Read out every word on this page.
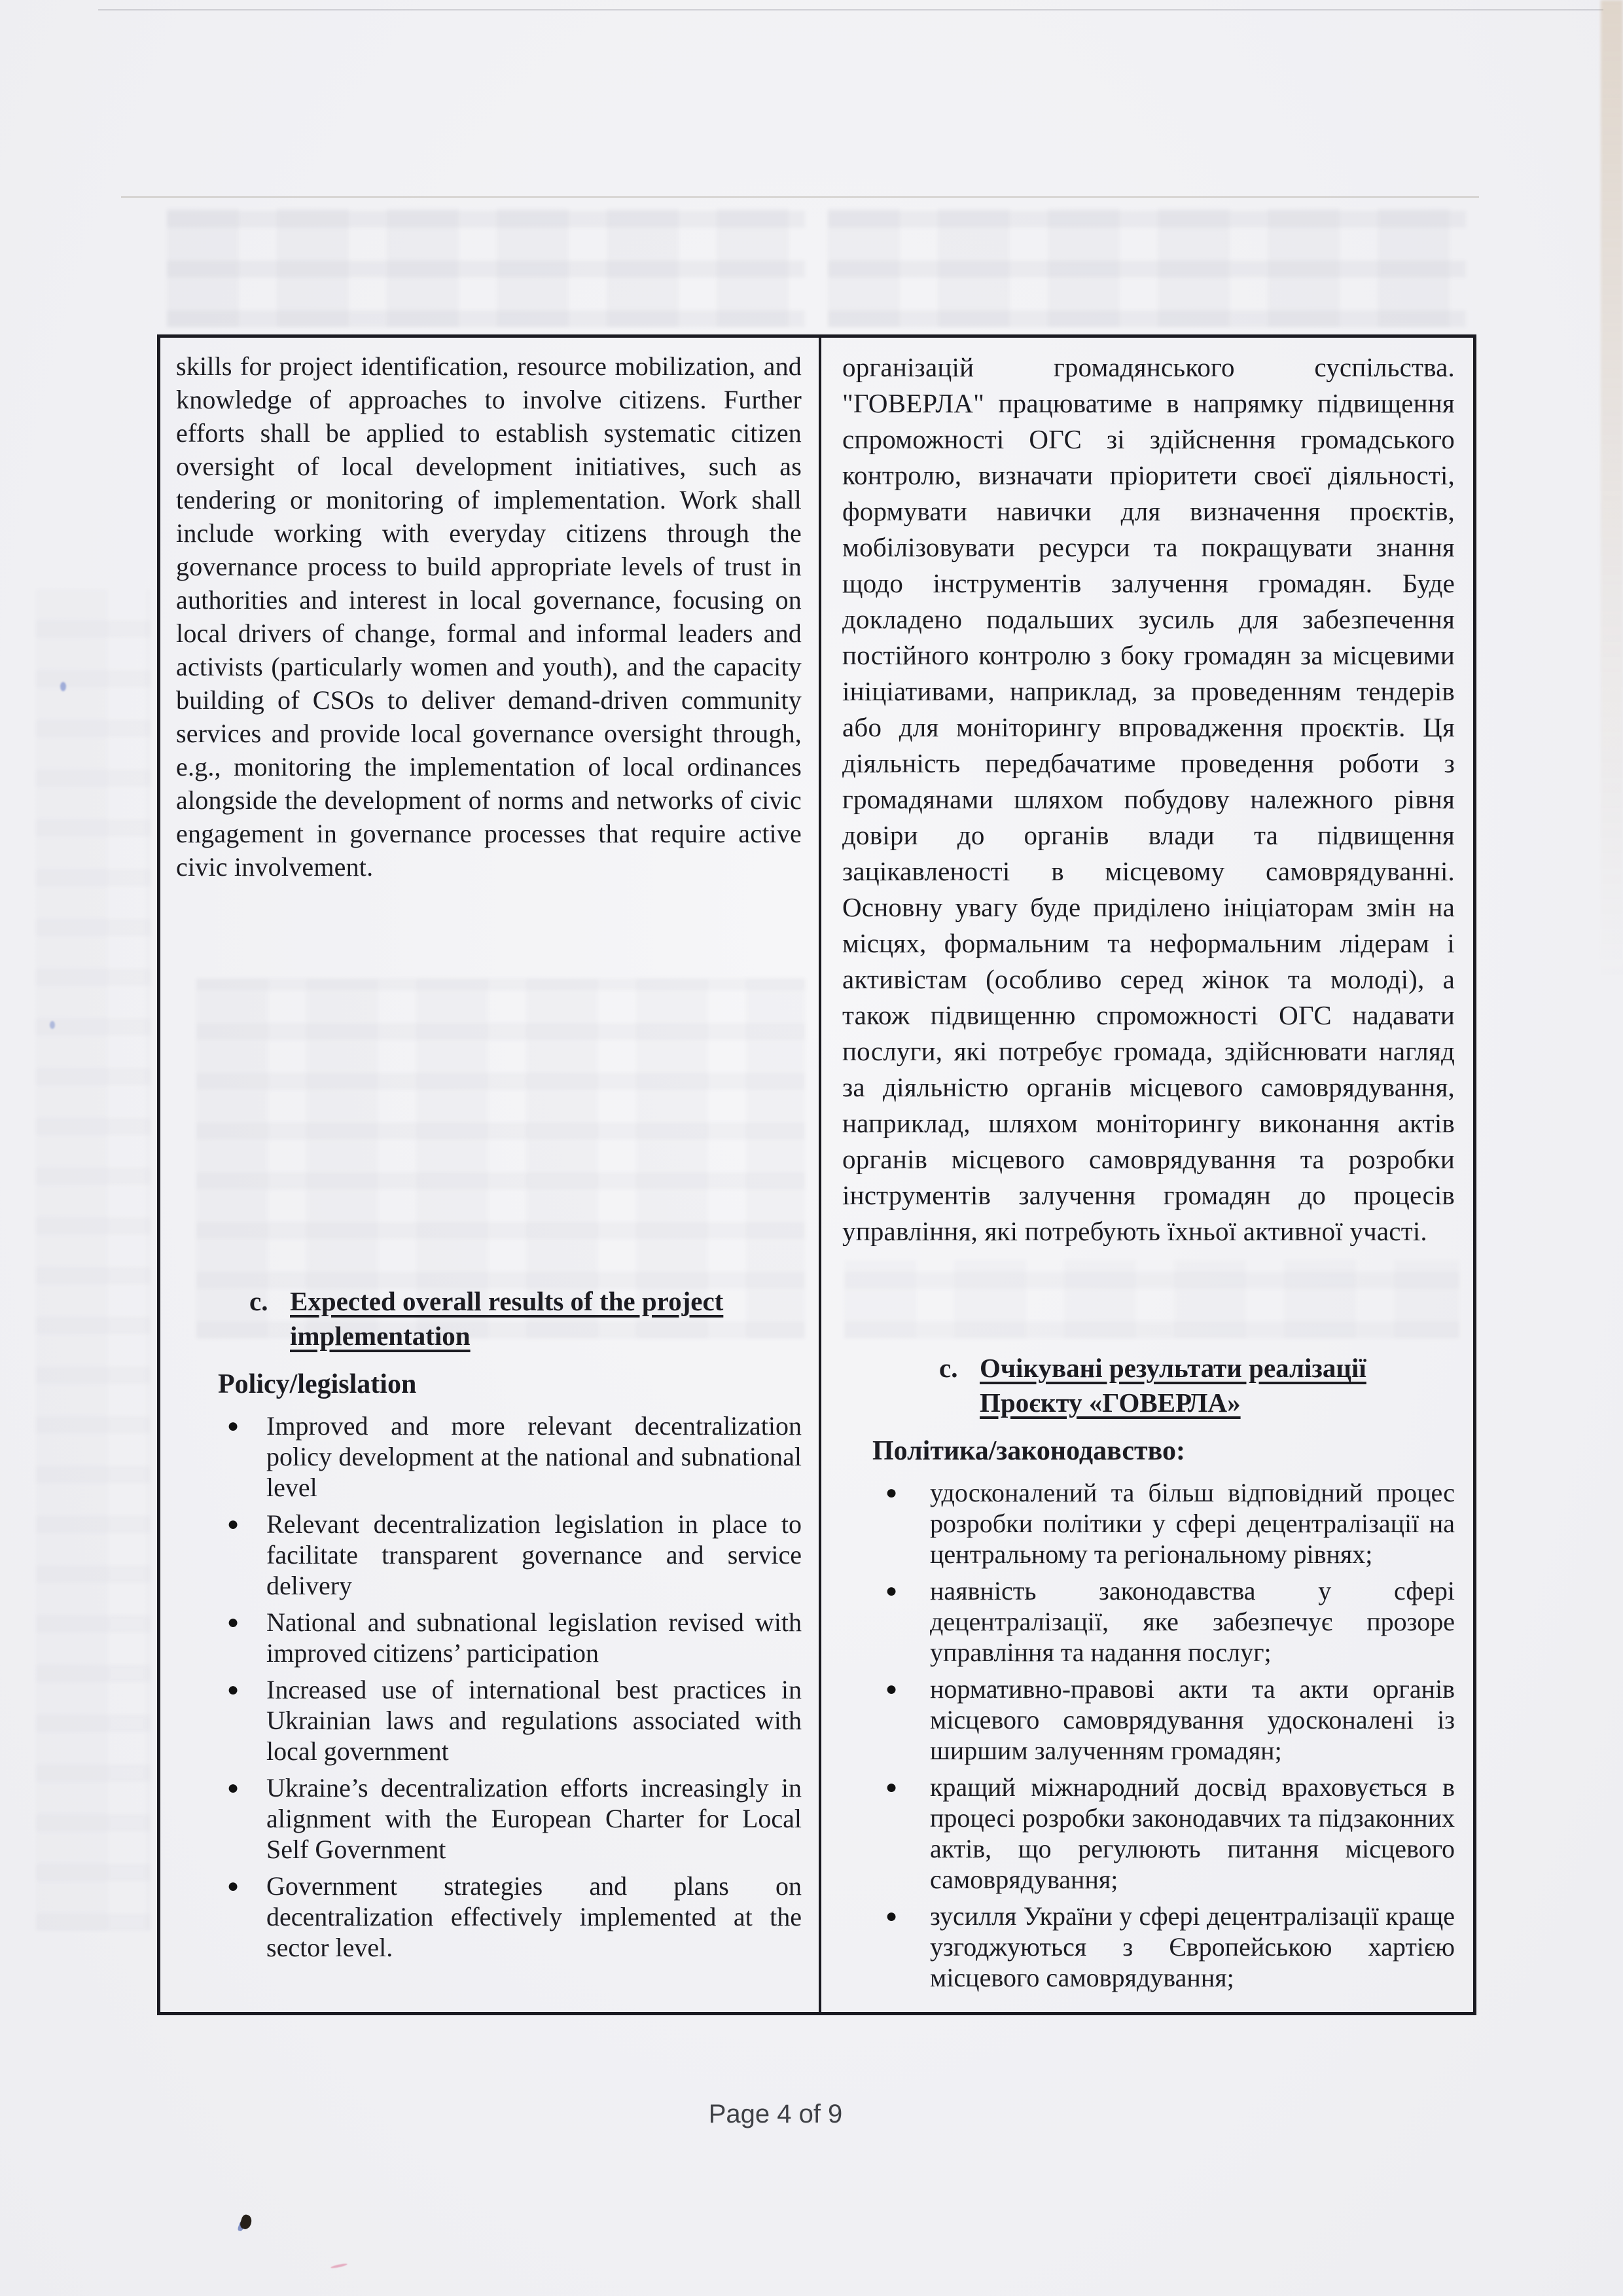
skills for project identification, resource mobilization, and knowledge of approaches to involve citizens. Further efforts shall be applied to establish systematic citizen oversight of local development initiatives, such as tendering or monitoring of implementation. Work shall include working with everyday citizens through the governance process to build appropriate levels of trust in authorities and interest in local governance, focusing on local drivers of change, formal and informal leaders and activists (particularly women and youth), and the capacity building of CSOs to deliver demand-driven community services and provide local governance oversight through, e.g., monitoring the implementation of local ordinances alongside the development of norms and networks of civic engagement in governance processes that require active civic involvement.
c. Expected overall results of the project implementation
Policy/legislation
● Improved and more relevant decentralization policy development at the national and subnational level
● Relevant decentralization legislation in place to facilitate transparent governance and service delivery
● National and subnational legislation revised with improved citizens’ participation
● Increased use of international best practices in Ukrainian laws and regulations associated with local government
● Ukraine’s decentralization efforts increasingly in alignment with the European Charter for Local Self Government
● Government strategies and plans on decentralization effectively implemented at the sector level.
організацій громадянського суспільства. "ГОВЕРЛА" працюватиме в напрямку підвищення спроможності ОГС зі здійснення громадського контролю, визначати пріоритети своєї діяльності, формувати навички для визначення проєктів, мобілізовувати ресурси та покращувати знання щодо інструментів залучення громадян. Буде докладено подальших зусиль для забезпечення постійного контролю з боку громадян за місцевими ініціативами, наприклад, за проведенням тендерів або для моніторингу впровадження проєктів. Ця діяльність передбачатиме проведення роботи з громадянами шляхом побудову належного рівня довіри до органів влади та підвищення зацікавленості в місцевому самоврядуванні. Основну увагу буде приділено ініціаторам змін на місцях, формальним та неформальним лідерам і активістам (особливо серед жінок та молоді), а також підвищенню спроможності ОГС надавати послуги, які потребує громада, здійснювати нагляд за діяльністю органів місцевого самоврядування, наприклад, шляхом моніторингу виконання актів органів місцевого самоврядування та розробки інструментів залучення громадян до процесів управління, які потребують їхньої активної участі.
c. Очікувані результати реалізації Проєкту «ГОВЕРЛА»
Політика/законодавство:
● удосконалений та більш відповідний процес розробки політики у сфері децентралізації на центральному та регіональному рівнях;
● наявність законодавства у сфері децентралізації, яке забезпечує прозоре управління та надання послуг;
● нормативно-правові акти та акти органів місцевого самоврядування удосконалені із ширшим залученням громадян;
● кращий міжнародний досвід враховується в процесі розробки законодавчих та підзаконних актів, що регулюють питання місцевого самоврядування;
● зусилля України у сфері децентралізації краще узгоджуються з Європейською хартією місцевого самоврядування;
Page 4 of 9
